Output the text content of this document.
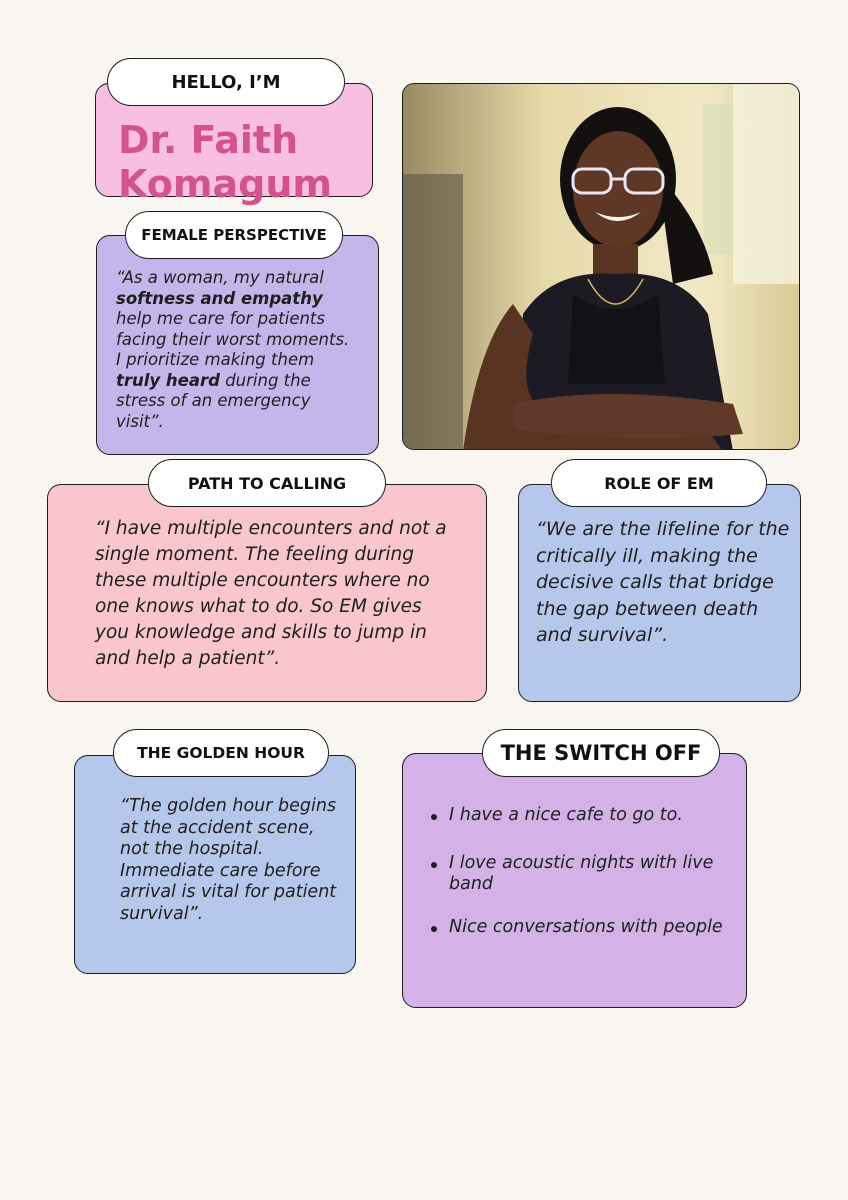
HELLO, I’M
Dr. Faith Komagum
FEMALE PERSPECTIVE
“As a woman, my natural softness and empathy help me care for patients facing their worst moments. I prioritize making them truly heard during the stress of an emergency visit”.
PATH TO CALLING
“I have multiple encounters and not a single moment. The feeling during these multiple encounters where no one knows what to do. So EM gives you knowledge and skills to jump in and help a patient”.
ROLE OF EM
“We are the lifeline for the critically ill, making the decisive calls that bridge the gap between death and survival”.
THE GOLDEN HOUR
“The golden hour begins at the accident scene, not the hospital. Immediate care before arrival is vital for patient survival”.
THE SWITCH OFF
I have a nice cafe to go to.
I love acoustic nights with live band
Nice conversations with people
